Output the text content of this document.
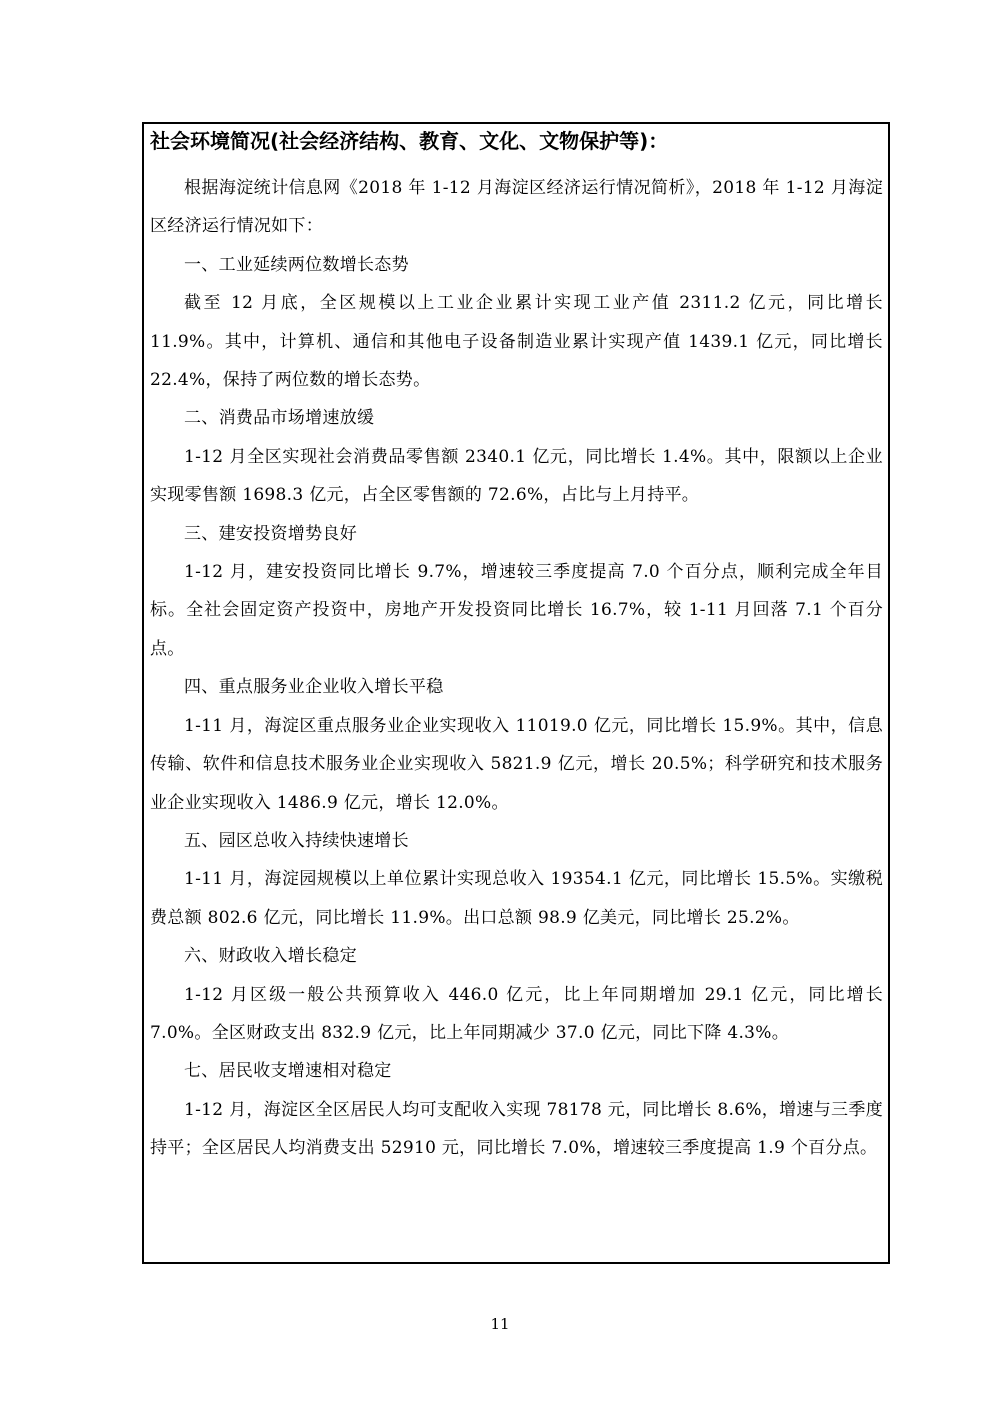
社会环境简况(社会经济结构、教育、文化、文物保护等)：

根据海淀统计信息网《2018 年 1-12 月海淀区经济运行情况简析》，2018 年 1-12 月海淀区经济运行情况如下：

一、工业延续两位数增长态势

截至 12 月底，全区规模以上工业企业累计实现工业产值 2311.2 亿元，同比增长 11.9%。其中，计算机、通信和其他电子设备制造业累计实现产值 1439.1 亿元，同比增长 22.4%，保持了两位数的增长态势。

二、消费品市场增速放缓

1-12 月全区实现社会消费品零售额 2340.1 亿元，同比增长 1.4%。其中，限额以上企业实现零售额 1698.3 亿元，占全区零售额的 72.6%，占比与上月持平。

三、建安投资增势良好

1-12 月，建安投资同比增长 9.7%，增速较三季度提高 7.0 个百分点，顺利完成全年目标。全社会固定资产投资中，房地产开发投资同比增长 16.7%，较 1-11 月回落 7.1 个百分点。

四、重点服务业企业收入增长平稳

1-11 月，海淀区重点服务业企业实现收入 11019.0 亿元，同比增长 15.9%。其中，信息传输、软件和信息技术服务业企业实现收入 5821.9 亿元，增长 20.5%；科学研究和技术服务业企业实现收入 1486.9 亿元，增长 12.0%。

五、园区总收入持续快速增长

1-11 月，海淀园规模以上单位累计实现总收入 19354.1 亿元，同比增长 15.5%。实缴税费总额 802.6 亿元，同比增长 11.9%。出口总额 98.9 亿美元，同比增长 25.2%。

六、财政收入增长稳定

1-12 月区级一般公共预算收入 446.0 亿元，比上年同期增加 29.1 亿元，同比增长 7.0%。全区财政支出 832.9 亿元，比上年同期减少 37.0 亿元，同比下降 4.3%。

七、居民收支增速相对稳定

1-12 月，海淀区全区居民人均可支配收入实现 78178 元，同比增长 8.6%，增速与三季度持平；全区居民人均消费支出 52910 元，同比增长 7.0%，增速较三季度提高 1.9 个百分点。

11
